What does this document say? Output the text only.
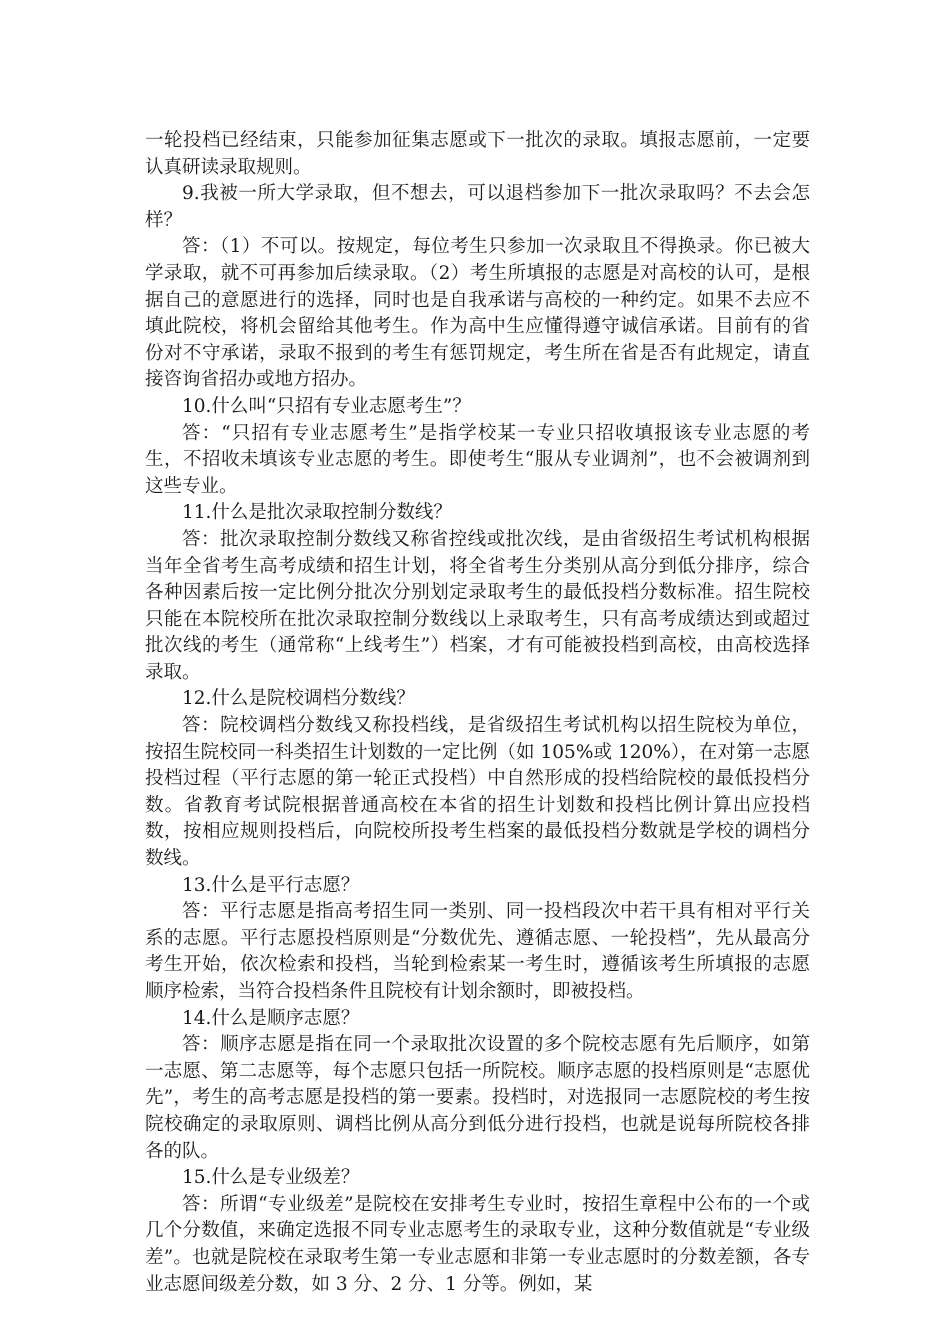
一轮投档已经结束，只能参加征集志愿或下一批次的录取。填报志愿前，一定要认真研读录取规则。

9.我被一所大学录取，但不想去，可以退档参加下一批次录取吗？不去会怎样？

答：（1）不可以。按规定，每位考生只参加一次录取且不得换录。你已被大学录取，就不可再参加后续录取。（2）考生所填报的志愿是对高校的认可，是根据自己的意愿进行的选择，同时也是自我承诺与高校的一种约定。如果不去应不填此院校，将机会留给其他考生。作为高中生应懂得遵守诚信承诺。目前有的省份对不守承诺，录取不报到的考生有惩罚规定，考生所在省是否有此规定，请直接咨询省招办或地方招办。

10.什么叫“只招有专业志愿考生”？

答：“只招有专业志愿考生”是指学校某一专业只招收填报该专业志愿的考生，不招收未填该专业志愿的考生。即使考生“服从专业调剂”，也不会被调剂到这些专业。

11.什么是批次录取控制分数线？

答：批次录取控制分数线又称省控线或批次线，是由省级招生考试机构根据当年全省考生高考成绩和招生计划，将全省考生分类别从高分到低分排序，综合各种因素后按一定比例分批次分别划定录取考生的最低投档分数标准。招生院校只能在本院校所在批次录取控制分数线以上录取考生，只有高考成绩达到或超过批次线的考生（通常称“上线考生”）档案，才有可能被投档到高校，由高校选择录取。

12.什么是院校调档分数线？

答：院校调档分数线又称投档线，是省级招生考试机构以招生院校为单位，按招生院校同一科类招生计划数的一定比例（如 105%或 120%），在对第一志愿投档过程（平行志愿的第一轮正式投档）中自然形成的投档给院校的最低投档分数。省教育考试院根据普通高校在本省的招生计划数和投档比例计算出应投档数，按相应规则投档后，向院校所投考生档案的最低投档分数就是学校的调档分数线。

13.什么是平行志愿？

答：平行志愿是指高考招生同一类别、同一投档段次中若干具有相对平行关系的志愿。平行志愿投档原则是“分数优先、遵循志愿、一轮投档”，先从最高分考生开始，依次检索和投档，当轮到检索某一考生时，遵循该考生所填报的志愿顺序检索，当符合投档条件且院校有计划余额时，即被投档。

14.什么是顺序志愿？

答：顺序志愿是指在同一个录取批次设置的多个院校志愿有先后顺序，如第一志愿、第二志愿等，每个志愿只包括一所院校。顺序志愿的投档原则是“志愿优先”，考生的高考志愿是投档的第一要素。投档时，对选报同一志愿院校的考生按院校确定的录取原则、调档比例从高分到低分进行投档，也就是说每所院校各排各的队。

15.什么是专业级差？

答：所谓“专业级差”是院校在安排考生专业时，按招生章程中公布的一个或几个分数值，来确定选报不同专业志愿考生的录取专业，这种分数值就是“专业级差”。也就是院校在录取考生第一专业志愿和非第一专业志愿时的分数差额，各专业志愿间级差分数，如 3 分、2 分、1 分等。例如，某
